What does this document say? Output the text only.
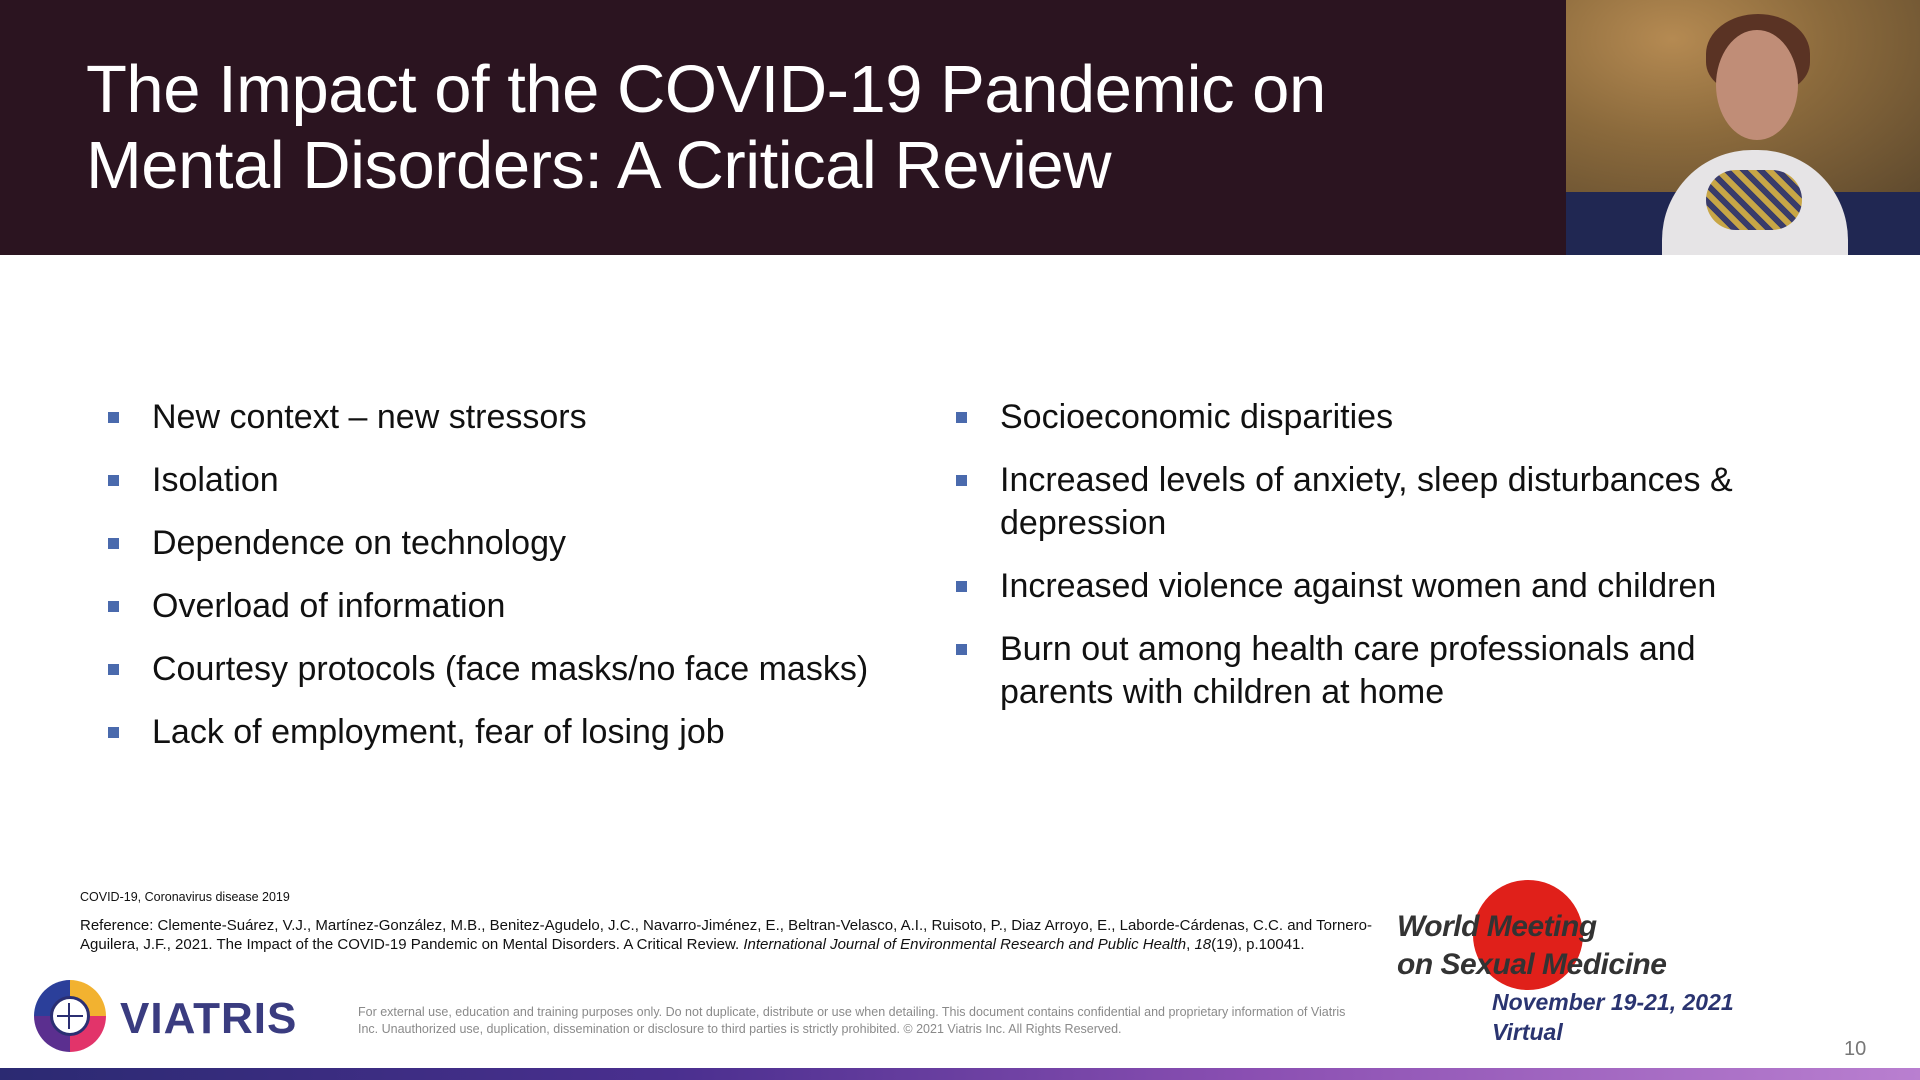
The Impact of the COVID-19 Pandemic on Mental Disorders: A Critical Review
New context – new stressors
Isolation
Dependence on technology
Overload of information
Courtesy protocols (face masks/no face masks)
Lack of employment, fear of losing job
Socioeconomic disparities
Increased levels of anxiety, sleep disturbances & depression
Increased violence against women and children
Burn out among health care professionals and parents with children at home
COVID-19, Coronavirus disease 2019
Reference: Clemente-Suárez, V.J., Martínez-González, M.B., Benitez-Agudelo, J.C., Navarro-Jiménez, E., Beltran-Velasco, A.I., Ruisoto, P., Diaz Arroyo, E., Laborde-Cárdenas, C.C. and Tornero-Aguilera, J.F., 2021. The Impact of the COVID-19 Pandemic on Mental Disorders. A Critical Review. International Journal of Environmental Research and Public Health, 18(19), p.10041.
VIATRIS	For external use, education and training purposes only. Do not duplicate, distribute or use when detailing. This document contains confidential and proprietary information of Viatris Inc. Unauthorized use, duplication, dissemination or disclosure to third parties is strictly prohibited. © 2021 Viatris Inc. All Rights Reserved.
World Meeting
on Sexual Medicine
November 19-21, 2021
Virtual
10
